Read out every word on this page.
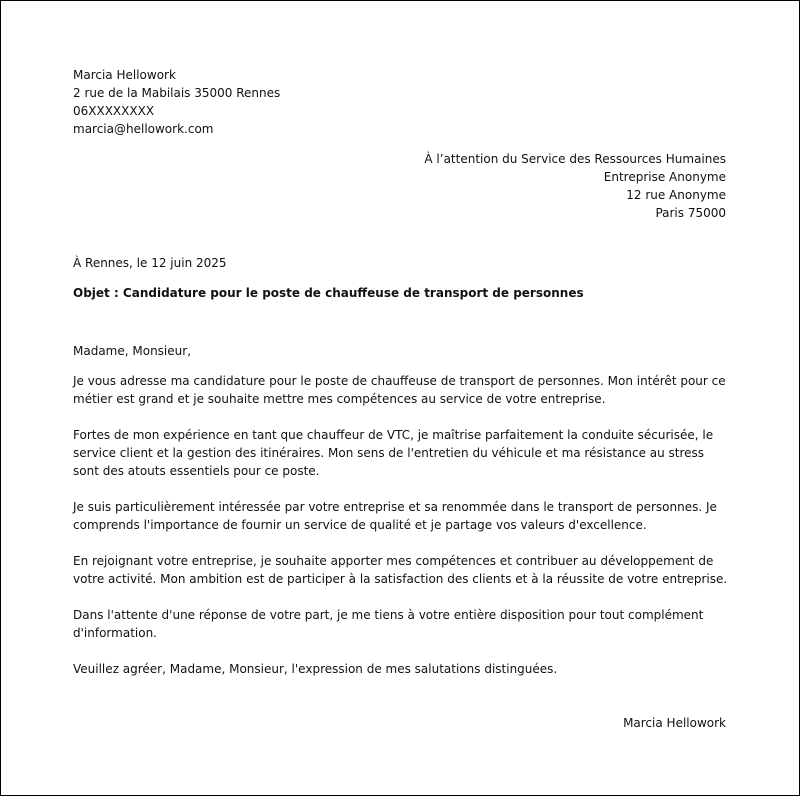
Marcia Hellowork
2 rue de la Mabilais 35000 Rennes
06XXXXXXXX
marcia@hellowork.com
À l’attention du Service des Ressources Humaines
Entreprise Anonyme
12 rue Anonyme
Paris 75000
À Rennes, le 12 juin 2025
Objet : Candidature pour le poste de chauffeuse de transport de personnes

Madame, Monsieur,

Je vous adresse ma candidature pour le poste de chauffeuse de transport de personnes. Mon intérêt pour ce métier est grand et je souhaite mettre mes compétences au service de votre entreprise.

Fortes de mon expérience en tant que chauffeur de VTC, je maîtrise parfaitement la conduite sécurisée, le service client et la gestion des itinéraires. Mon sens de l'entretien du véhicule et ma résistance au stress sont des atouts essentiels pour ce poste.

Je suis particulièrement intéressée par votre entreprise et sa renommée dans le transport de personnes. Je comprends l'importance de fournir un service de qualité et je partage vos valeurs d'excellence.

En rejoignant votre entreprise, je souhaite apporter mes compétences et contribuer au développement de votre activité. Mon ambition est de participer à la satisfaction des clients et à la réussite de votre entreprise.

Dans l'attente d'une réponse de votre part, je me tiens à votre entière disposition pour tout complément d'information.

Veuillez agréer, Madame, Monsieur, l'expression de mes salutations distinguées.

Marcia Hellowork
